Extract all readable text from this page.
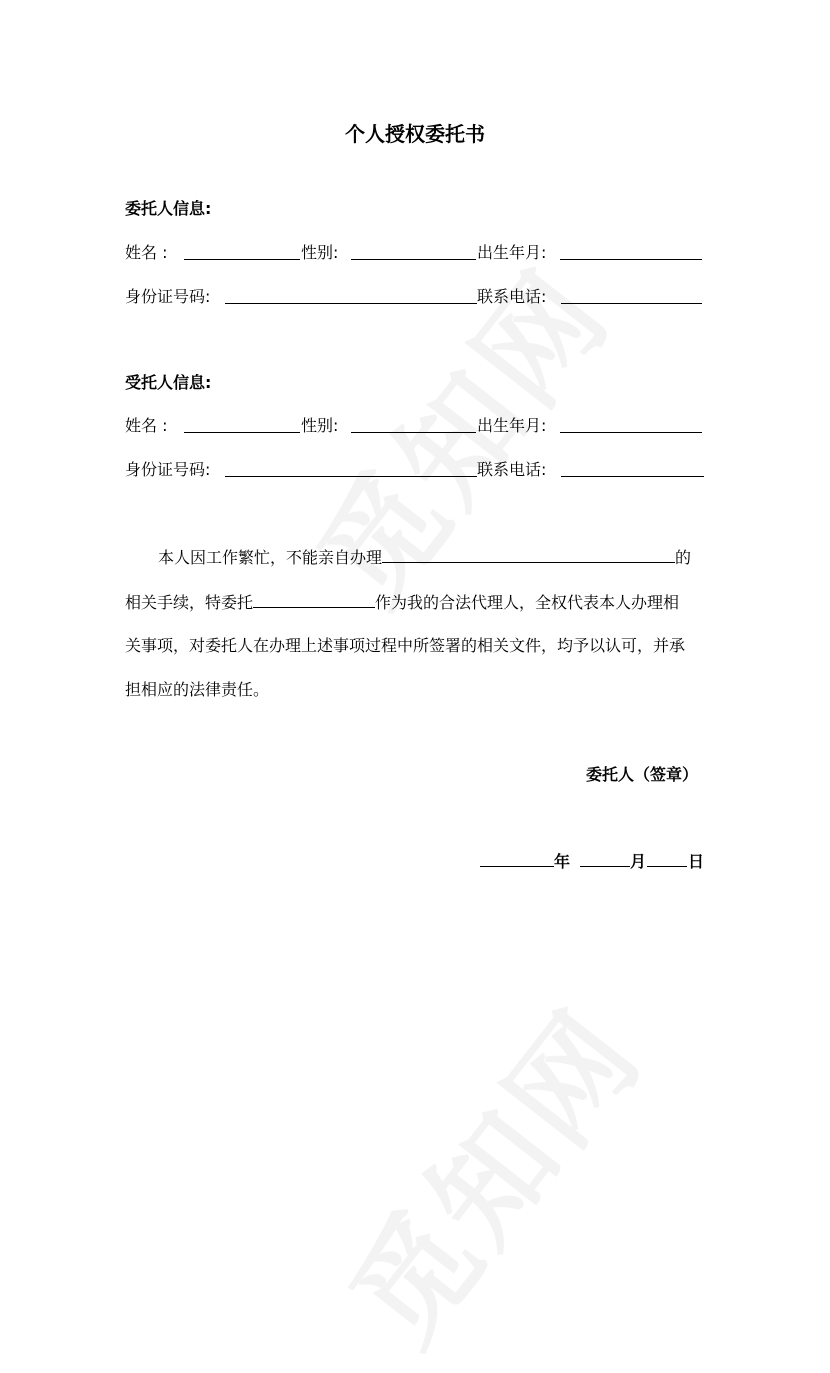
个人授权委托书
委托人信息:
姓名 :	性别:	出生年月:
身份证号码:	联系电话:
受托人信息:
姓名 :	性别:	出生年月:
身份证号码:	联系电话:
本人因工作繁忙，不能亲自办理	的
相关手续，特委托	作为我的合法代理人，全权代表本人办理相
关事项，对委托人在办理上述事项过程中所签署的相关文件，均予以认可，并承
担相应的法律责任。
委托人（签章）
年	月	日
